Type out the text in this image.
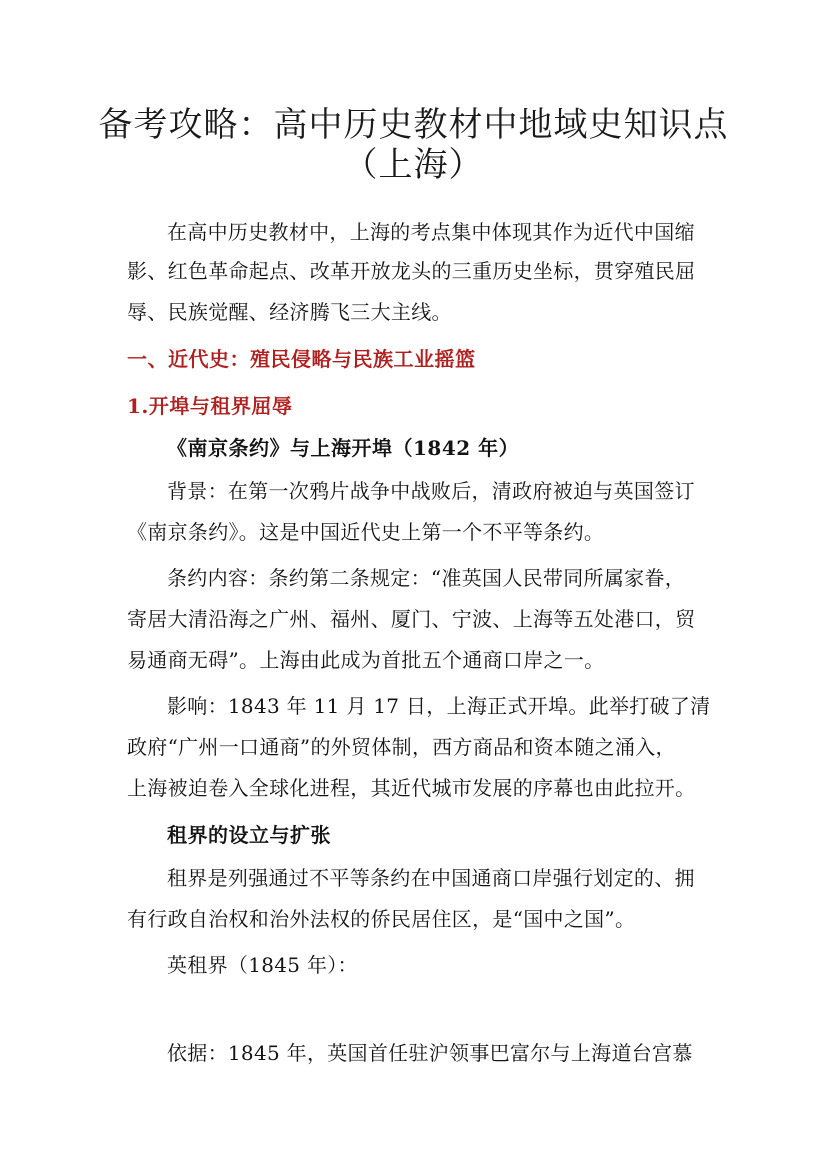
备考攻略：高中历史教材中地域史知识点
（上海）
在高中历史教材中，上海的考点集中体现其作为近代中国缩
影、红色革命起点、改革开放龙头的三重历史坐标，贯穿殖民屈
辱、民族觉醒、经济腾飞三大主线。
一、近代史：殖民侵略与民族工业摇篮
1.开埠与租界屈辱
《南京条约》与上海开埠（1842 年）
背景：在第一次鸦片战争中战败后，清政府被迫与英国签订
《南京条约》。这是中国近代史上第一个不平等条约。
条约内容：条约第二条规定：“准英国人民带同所属家眷，
寄居大清沿海之广州、福州、厦门、宁波、上海等五处港口，贸
易通商无碍”。上海由此成为首批五个通商口岸之一。
影响：1843 年 11 月 17 日，上海正式开埠。此举打破了清
政府“广州一口通商”的外贸体制，西方商品和资本随之涌入，
上海被迫卷入全球化进程，其近代城市发展的序幕也由此拉开。
租界的设立与扩张
租界是列强通过不平等条约在中国通商口岸强行划定的、拥
有行政自治权和治外法权的侨民居住区，是“国中之国”。
英租界（1845 年）：
依据：1845 年，英国首任驻沪领事巴富尔与上海道台宫慕
